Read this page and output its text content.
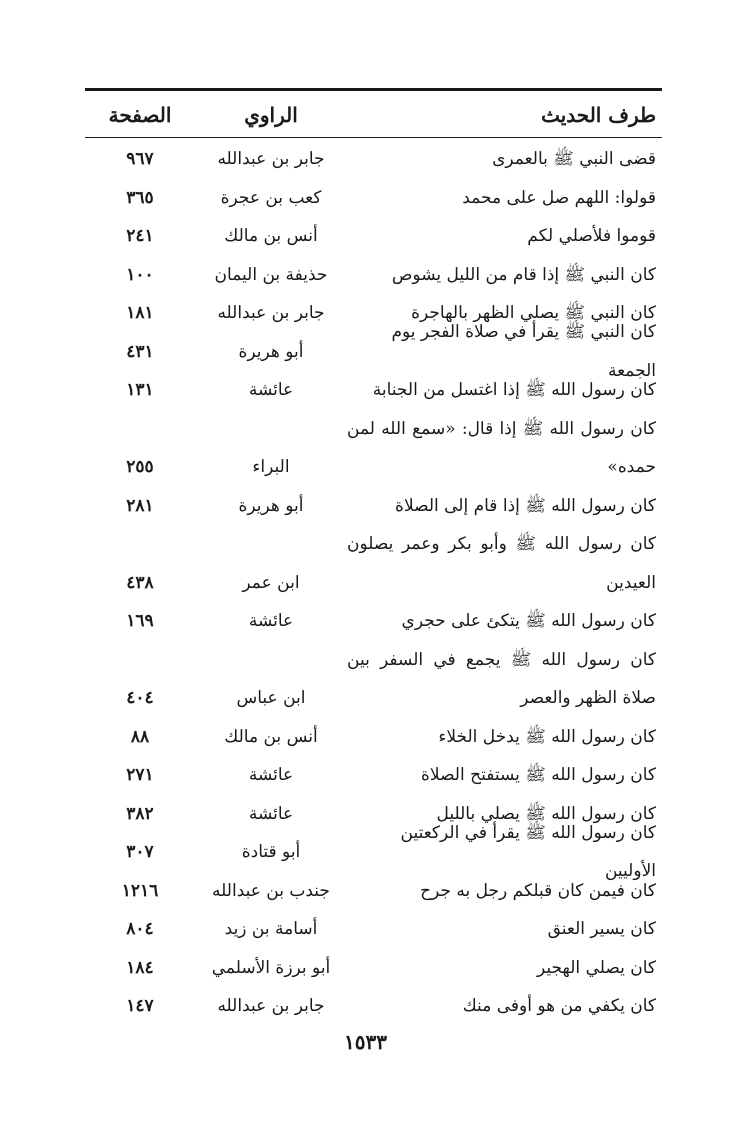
طرف الحديث
الراوي
الصفحة
قضى النبي ﷺ بالعمرى
جابر بن عبدالله
٩٦٧
قولوا: اللهم صل على محمد
كعب بن عجرة
٣٦٥
قوموا فلأصلي لكم
أنس بن مالك
٢٤١
كان النبي ﷺ إذا قام من الليل يشوص
حذيفة بن اليمان
١٠٠
كان النبي ﷺ يصلي الظهر بالهاجرة
جابر بن عبدالله
١٨١
كان النبي ﷺ يقرأ في صلاة الفجر يوم الجمعة
أبو هريرة
٤٣١
كان رسول الله ﷺ إذا اغتسل من الجنابة
عائشة
١٣١
كان رسول الله ﷺ إذا قال: «سمع الله لمن حمده»
البراء
٢٥٥
كان رسول الله ﷺ إذا قام إلى الصلاة
أبو هريرة
٢٨١
كان رسول الله ﷺ وأبو بكر وعمر يصلون العيدين
ابن عمر
٤٣٨
كان رسول الله ﷺ يتكئ على حجري
عائشة
١٦٩
كان رسول الله ﷺ يجمع في السفر بين صلاة الظهر والعصر
ابن عباس
٤٠٤
كان رسول الله ﷺ يدخل الخلاء
أنس بن مالك
٨٨
كان رسول الله ﷺ يستفتح الصلاة
عائشة
٢٧١
كان رسول الله ﷺ يصلي بالليل
عائشة
٣٨٢
كان رسول الله ﷺ يقرأ في الركعتين الأوليين
أبو قتادة
٣٠٧
كان فيمن كان قبلكم رجل به جرح
جندب بن عبدالله
١٢١٦
كان يسير العنق
أسامة بن زيد
٨٠٤
كان يصلي الهجير
أبو برزة الأسلمي
١٨٤
كان يكفي من هو أوفى منك
جابر بن عبدالله
١٤٧
١٥٣٣
